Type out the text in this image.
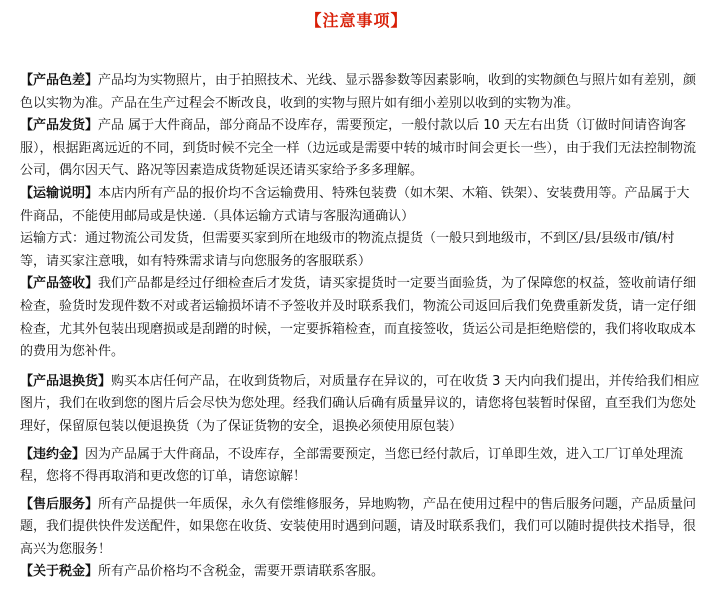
【注意事项】
【产品色差】产品均为实物照片，由于拍照技术、光线、显示器参数等因素影响，收到的实物颜色与照片如有差别，颜色以实物为准。产品在生产过程会不断改良，收到的实物与照片如有细小差别以收到的实物为准。
【产品发货】产品 属于大件商品，部分商品不设库存，需要预定，一般付款以后 10 天左右出货（订做时间请咨询客服），根据距离远近的不同，到货时候不完全一样（边远或是需要中转的城市时间会更长一些），由于我们无法控制物流公司，偶尔因天气、路况等因素造成货物延误还请买家给予多多理解。
【运输说明】本店内所有产品的报价均不含运输费用、特殊包装费（如木架、木箱、铁架）、安装费用等。产品属于大件商品，不能使用邮局或是快递.（具体运输方式请与客服沟通确认）
运输方式：通过物流公司发货，但需要买家到所在地级市的物流点提货（一般只到地级市，不到区/县/县级市/镇/村等，请买家注意哦，如有特殊需求请与向您服务的客服联系）
【产品签收】我们产品都是经过仔细检查后才发货，请买家提货时一定要当面验货，为了保障您的权益，签收前请仔细检查，验货时发现件数不对或者运输损坏请不予签收并及时联系我们，物流公司返回后我们免费重新发货，请一定仔细检查，尤其外包装出现磨损或是刮蹭的时候，一定要拆箱检查，而直接签收，货运公司是拒绝赔偿的，我们将收取成本的费用为您补件。
【产品退换货】购买本店任何产品，在收到货物后，对质量存在异议的，可在收货 3 天内向我们提出，并传给我们相应图片，我们在收到您的图片后会尽快为您处理。经我们确认后确有质量异议的，请您将包装暂时保留，直至我们为您处理好，保留原包装以便退换货（为了保证货物的安全，退换必须使用原包装）
【违约金】因为产品属于大件商品，不设库存，全部需要预定，当您已经付款后，订单即生效，进入工厂订单处理流程，您将不得再取消和更改您的订单，请您谅解！
【售后服务】所有产品提供一年质保，永久有偿维修服务，异地购物，产品在使用过程中的售后服务问题，产品质量问题，我们提供快件发送配件，如果您在收货、安装使用时遇到问题，请及时联系我们，我们可以随时提供技术指导，很高兴为您服务！
【关于税金】所有产品价格均不含税金，需要开票请联系客服。
